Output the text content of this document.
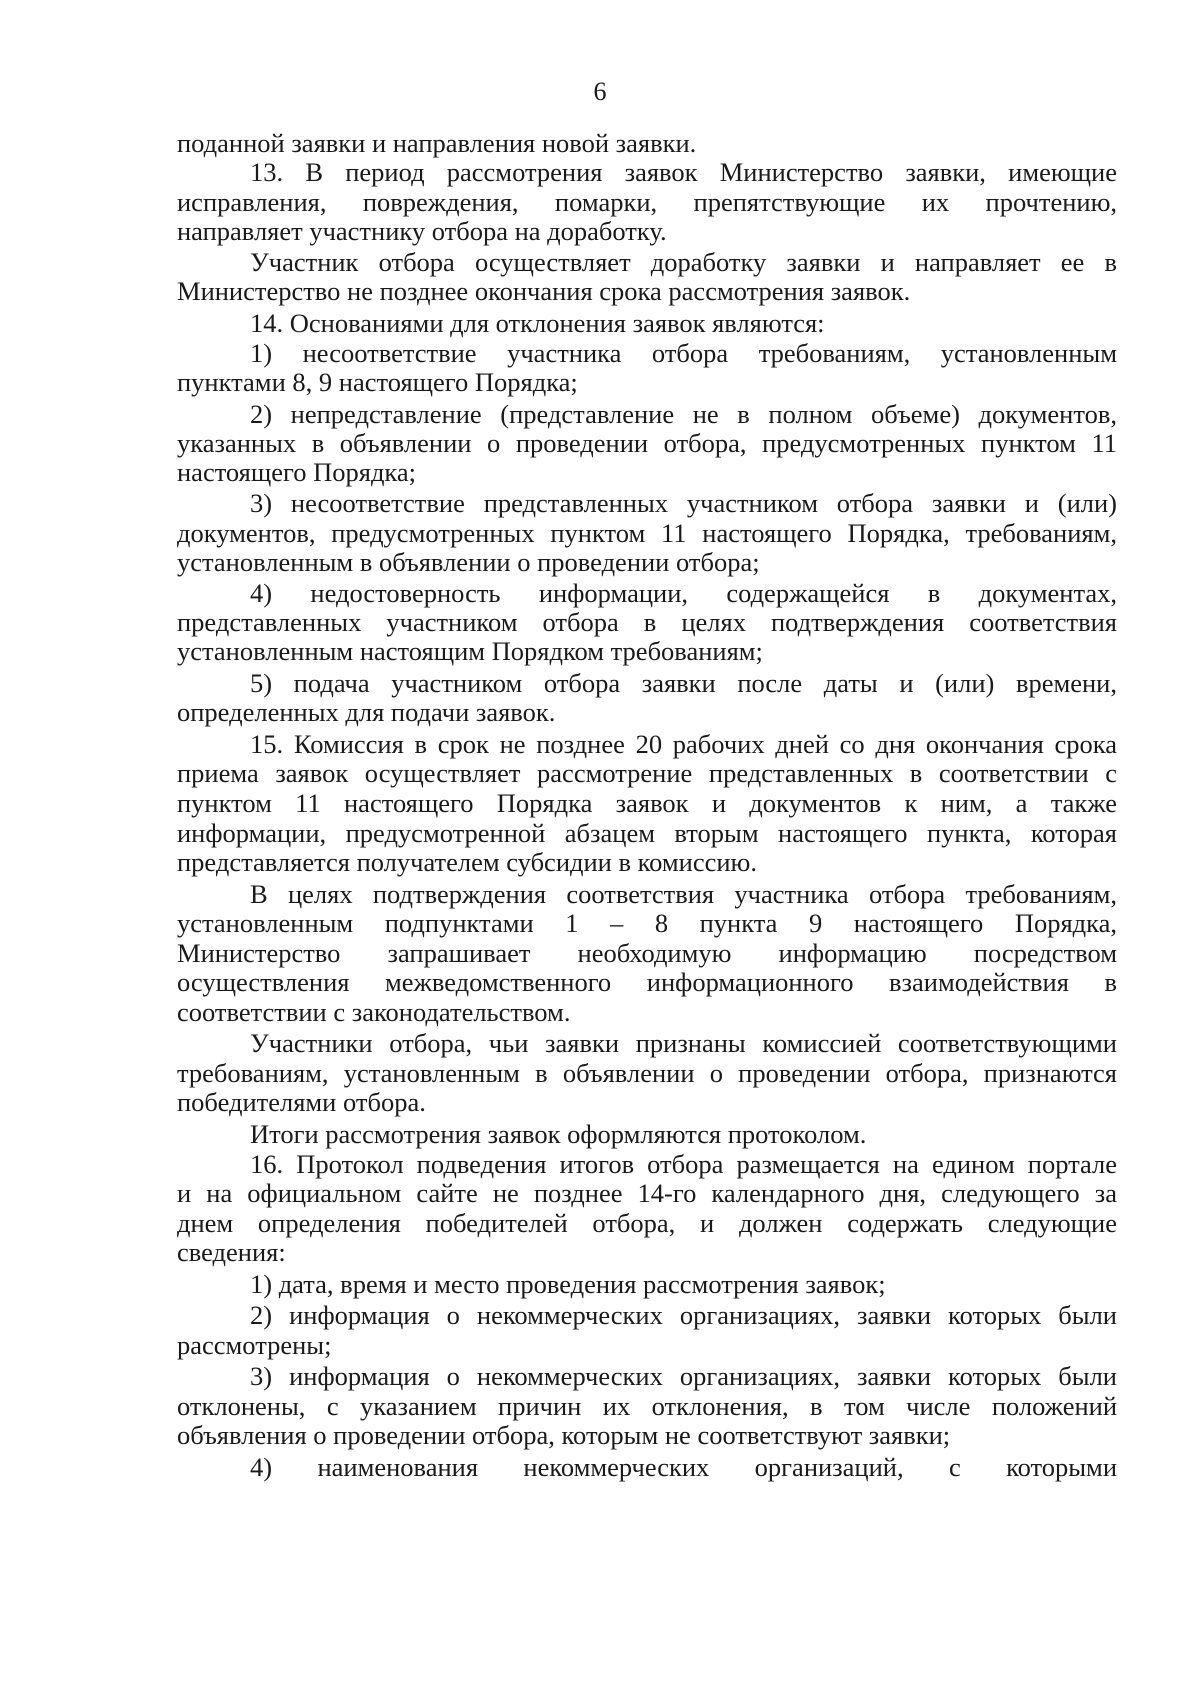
6
поданной заявки и направления новой заявки.
13. В период рассмотрения заявок Министерство заявки, имеющие
исправления, повреждения, помарки, препятствующие их прочтению,
направляет участнику отбора на доработку.
Участник отбора осуществляет доработку заявки и направляет ее в
Министерство не позднее окончания срока рассмотрения заявок.
14. Основаниями для отклонения заявок являются:
1) несоответствие участника отбора требованиям, установленным
пунктами 8, 9 настоящего Порядка;
2) непредставление (представление не в полном объеме) документов,
указанных в объявлении о проведении отбора, предусмотренных пунктом 11
настоящего Порядка;
3) несоответствие представленных участником отбора заявки и (или)
документов, предусмотренных пунктом 11 настоящего Порядка, требованиям,
установленным в объявлении о проведении отбора;
4) недостоверность информации, содержащейся в документах,
представленных участником отбора в целях подтверждения соответствия
установленным настоящим Порядком требованиям;
5) подача участником отбора заявки после даты и (или) времени,
определенных для подачи заявок.
15. Комиссия в срок не позднее 20 рабочих дней со дня окончания срока
приема заявок осуществляет рассмотрение представленных в соответствии с
пунктом 11 настоящего Порядка заявок и документов к ним, а также
информации, предусмотренной абзацем вторым настоящего пункта, которая
представляется получателем субсидии в комиссию.
В целях подтверждения соответствия участника отбора требованиям,
установленным подпунктами 1 – 8 пункта 9 настоящего Порядка,
Министерство запрашивает необходимую информацию посредством
осуществления межведомственного информационного взаимодействия в
соответствии с законодательством.
Участники отбора, чьи заявки признаны комиссией соответствующими
требованиям, установленным в объявлении о проведении отбора, признаются
победителями отбора.
Итоги рассмотрения заявок оформляются протоколом.
16. Протокол подведения итогов отбора размещается на едином портале
и на официальном сайте не позднее 14-го календарного дня, следующего за
днем определения победителей отбора, и должен содержать следующие
сведения:
1) дата, время и место проведения рассмотрения заявок;
2) информация о некоммерческих организациях, заявки которых были
рассмотрены;
3) информация о некоммерческих организациях, заявки которых были
отклонены, с указанием причин их отклонения, в том числе положений
объявления о проведении отбора, которым не соответствуют заявки;
4) наименования некоммерческих организаций, с которыми
